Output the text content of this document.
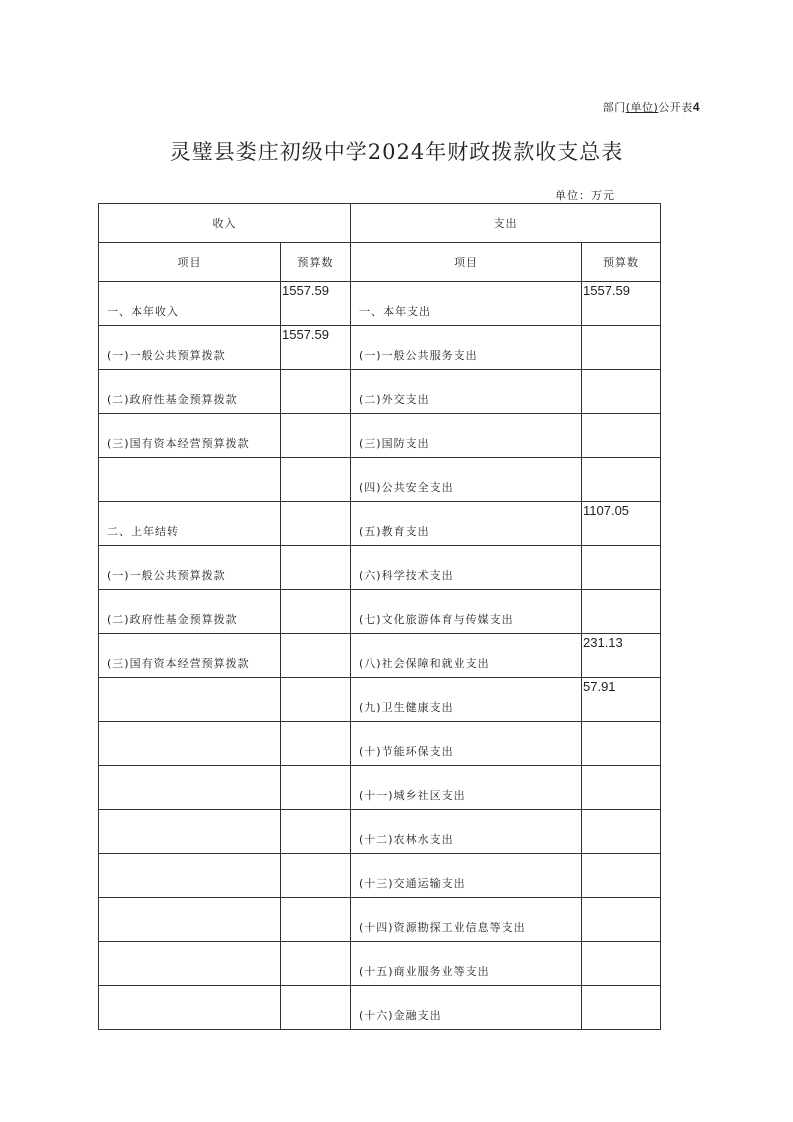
部门(单位)公开表4
灵璧县娄庄初级中学2024年财政拨款收支总表
单位：万元
收入		支出	
项目	预算数	项目	预算数
一、本年收入	1557.59	一、本年支出	1557.59
(一)一般公共预算拨款	1557.59	(一)一般公共服务支出	
(二)政府性基金预算拨款		(二)外交支出	
(三)国有资本经营预算拨款		(三)国防支出	
		(四)公共安全支出	
二、上年结转		(五)教育支出	1107.05
(一)一般公共预算拨款		(六)科学技术支出	
(二)政府性基金预算拨款		(七)文化旅游体育与传媒支出	
(三)国有资本经营预算拨款		(八)社会保障和就业支出	231.13
		(九)卫生健康支出	57.91
		(十)节能环保支出	
		(十一)城乡社区支出	
		(十二)农林水支出	
		(十三)交通运输支出	
		(十四)资源勘探工业信息等支出	
		(十五)商业服务业等支出	
		(十六)金融支出	
